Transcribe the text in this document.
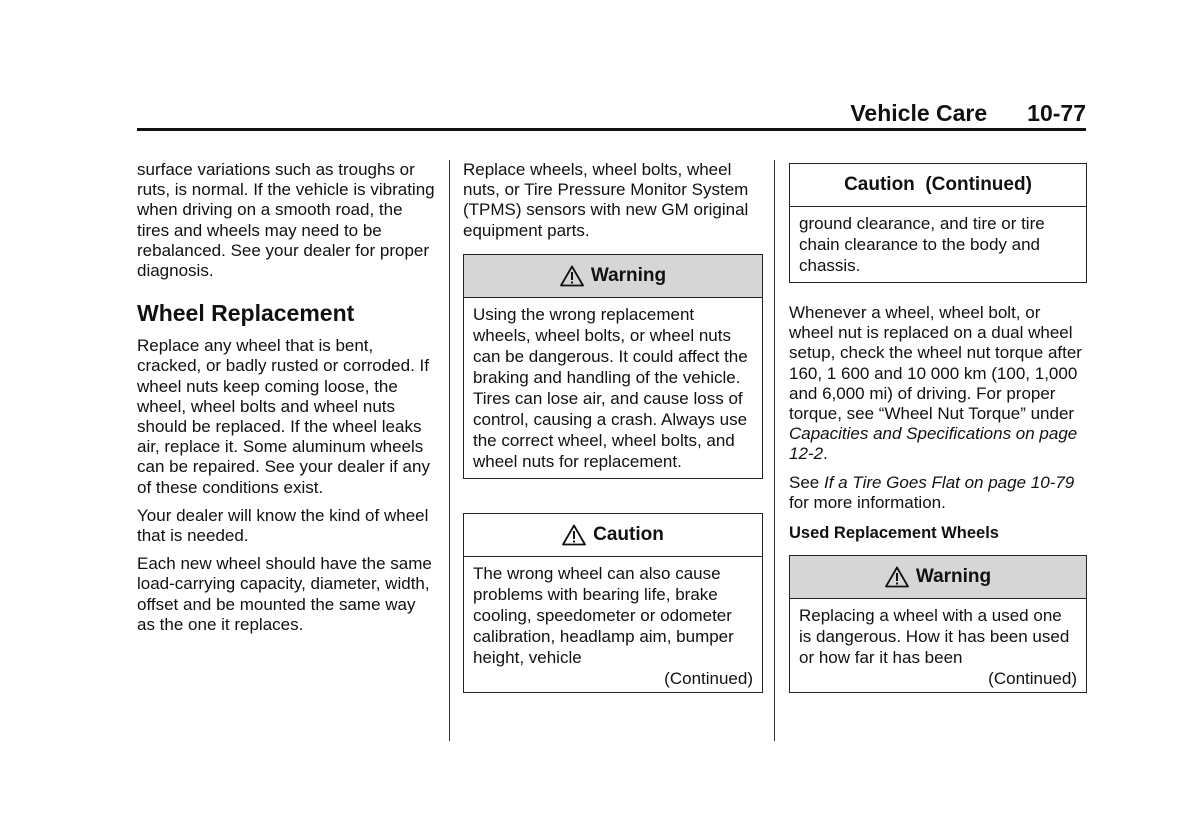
Vehicle Care 10-77

surface variations such as troughs or ruts, is normal. If the vehicle is vibrating when driving on a smooth road, the tires and wheels may need to be rebalanced. See your dealer for proper diagnosis.

Wheel Replacement

Replace any wheel that is bent, cracked, or badly rusted or corroded. If wheel nuts keep coming loose, the wheel, wheel bolts and wheel nuts should be replaced. If the wheel leaks air, replace it. Some aluminum wheels can be repaired. See your dealer if any of these conditions exist.

Your dealer will know the kind of wheel that is needed.

Each new wheel should have the same load-carrying capacity, diameter, width, offset and be mounted the same way as the one it replaces.

Replace wheels, wheel bolts, wheel nuts, or Tire Pressure Monitor System (TPMS) sensors with new GM original equipment parts.

Warning
Using the wrong replacement wheels, wheel bolts, or wheel nuts can be dangerous. It could affect the braking and handling of the vehicle. Tires can lose air, and cause loss of control, causing a crash. Always use the correct wheel, wheel bolts, and wheel nuts for replacement.
Caution
The wrong wheel can also cause problems with bearing life, brake cooling, speedometer or odometer calibration, headlamp aim, bumper height, vehicle
(Continued)
Caution  (Continued)
ground clearance, and tire or tire chain clearance to the body and chassis.

Whenever a wheel, wheel bolt, or wheel nut is replaced on a dual wheel setup, check the wheel nut torque after 160, 1 600 and 10 000 km (100, 1,000 and 6,000 mi) of driving. For proper torque, see “Wheel Nut Torque” under Capacities and Specifications on page 12-2.

See If a Tire Goes Flat on page 10-79 for more information.

Used Replacement Wheels
Warning
Replacing a wheel with a used one is dangerous. How it has been used or how far it has been
(Continued)
